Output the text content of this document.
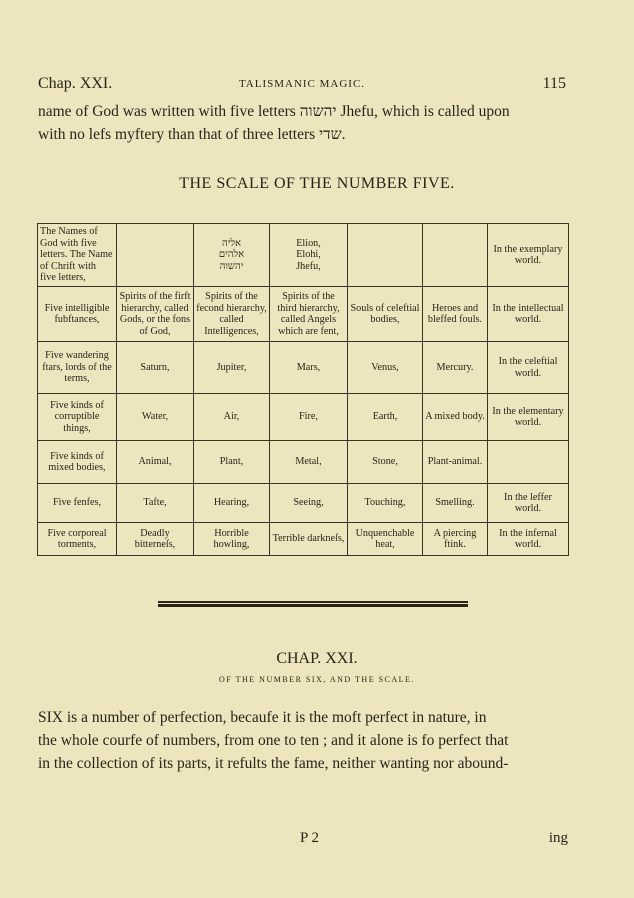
Chap. XXI.	TALISMANIC MAGIC.	115
name of God was written with five letters יהשוה Jhefu, which is called upon
with no lefs myftery than that of three letters שדי.
THE SCALE OF THE NUMBER FIVE.
The Names of God with five letters. The Name of Chrift with five letters,		אליה
אלהים
יהשוה	Elion,
Elohi,
Jhefu,			In the exemplary world.
Five intelligible fubftances,	Spirits of the firft hierarchy, called Gods, or the fons of God,	Spirits of the fecond hierarchy, called Intelligences,	Spirits of the third hierarchy, called Angels which are fent,	Souls of celeftial bodies,	Heroes and bleffed fouls.	In the intellectual world.
Five wandering ftars, lords of the terms,	Saturn,	Jupiter,	Mars,	Venus,	Mercury.	In the celeftial world.
Five kinds of corruptible things,	Water,	Air,	Fire,	Earth,	A mixed body.	In the elementary world.
Five kinds of mixed bodies,	Animal,	Plant,	Metal,	Stone,	Plant-animal.	
Five fenfes,	Tafte,	Hearing,	Seeing,	Touching,	Smelling.	In the leffer world.
Five corporeal torments,	Deadly bitterneſs,	Horrible howling,	Terrible darkneſs,	Unquenchable heat,	A piercing ftink.	In the infernal world.
CHAP. XXI.
OF THE NUMBER SIX, AND THE SCALE.
SIX is a number of perfection, becaufe it is the moft perfect in nature, in
the whole courfe of numbers, from one to ten ; and it alone is fo perfect that
in the collection of its parts, it refults the fame, neither wanting nor abound-
P 2	ing
